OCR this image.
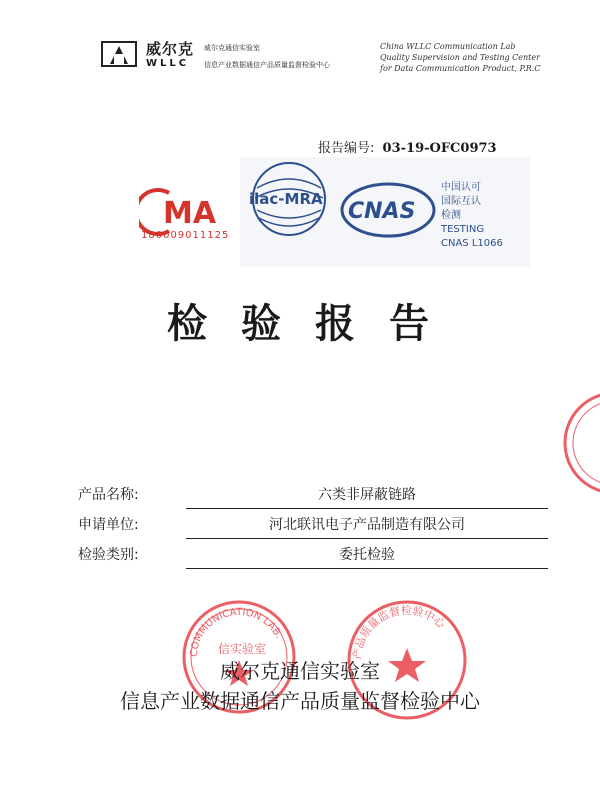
威尔克
WLLC
威尔克通信实验室
信息产业数据通信产品质量监督检验中心
China WLLC Communication Lab
Quality Supervision and Testing Center
for Data Communication Product, P.R.C
报告编号: 03-19-OFC0973
MA
180009011125
ilac-MRA CNAS
中国认可
国际互认
检测
TESTING
CNAS L1066
检验报告
产品名称:	六类非屏蔽链路
申请单位:	河北联讯电子产品制造有限公司
检验类别:	委托检验
COMMUNICATION LAB.
信实验室	产品质量监督检验中心
威尔克通信实验室
信息产业数据通信产品质量监督检验中心
